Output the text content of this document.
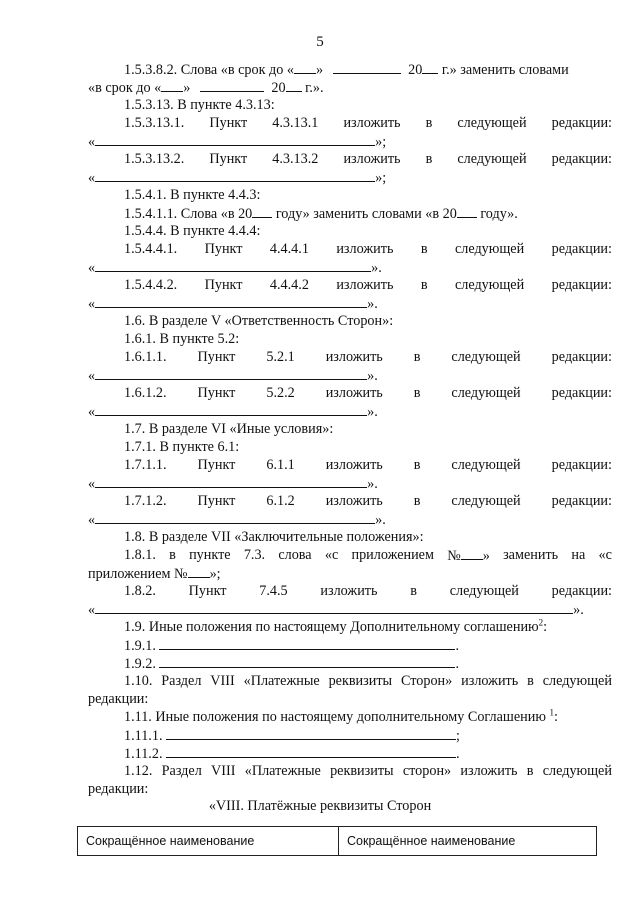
5
1.5.3.8.2. Слова «в срок до « »	20 г.» заменить словами
«в срок до « »	20 г.».
1.5.3.13. В пункте 4.3.13:
1.5.3.13.1. Пункт 4.3.13.1 изложить в следующей редакции:
«	»;
1.5.3.13.2. Пункт 4.3.13.2 изложить в следующей редакции:
«	»;
1.5.4.1. В пункте 4.4.3:
1.5.4.1.1. Слова «в 20 году» заменить словами «в 20 году».
1.5.4.4. В пункте 4.4.4:
1.5.4.4.1. Пункт 4.4.4.1 изложить в следующей редакции:
«	».
1.5.4.4.2. Пункт 4.4.4.2 изложить в следующей редакции:
«	».
1.6. В разделе V «Ответственность Сторон»:
1.6.1. В пункте 5.2:
1.6.1.1. Пункт 5.2.1 изложить в следующей редакции:
«	».
1.6.1.2. Пункт 5.2.2 изложить в следующей редакции:
«	».
1.7. В разделе VI «Иные условия»:
1.7.1. В пункте 6.1:
1.7.1.1. Пункт 6.1.1 изложить в следующей редакции:
«	».
1.7.1.2. Пункт 6.1.2 изложить в следующей редакции:
«	».
1.8. В разделе VII «Заключительные положения»:
1.8.1. в пункте 7.3. слова «с приложением № » заменить на «с
приложением № »;
1.8.2. Пункт 7.4.5 изложить в следующей редакции:
«	».
1.9. Иные положения по настоящему Дополнительному соглашению$^2$:
1.9.1.	.
1.9.2.	.
1.10. Раздел VIII «Платежные реквизиты Сторон» изложить в следующей
редакции:
1.11. Иные положения по настоящему дополнительному Соглашению $^1$:
1.11.1.	;
1.11.2.	.
1.12. Раздел VIII «Платежные реквизиты сторон» изложить в следующей
редакции:
«VIII. Платёжные реквизиты Сторон
Сокращённое наименование	Сокращённое наименование
